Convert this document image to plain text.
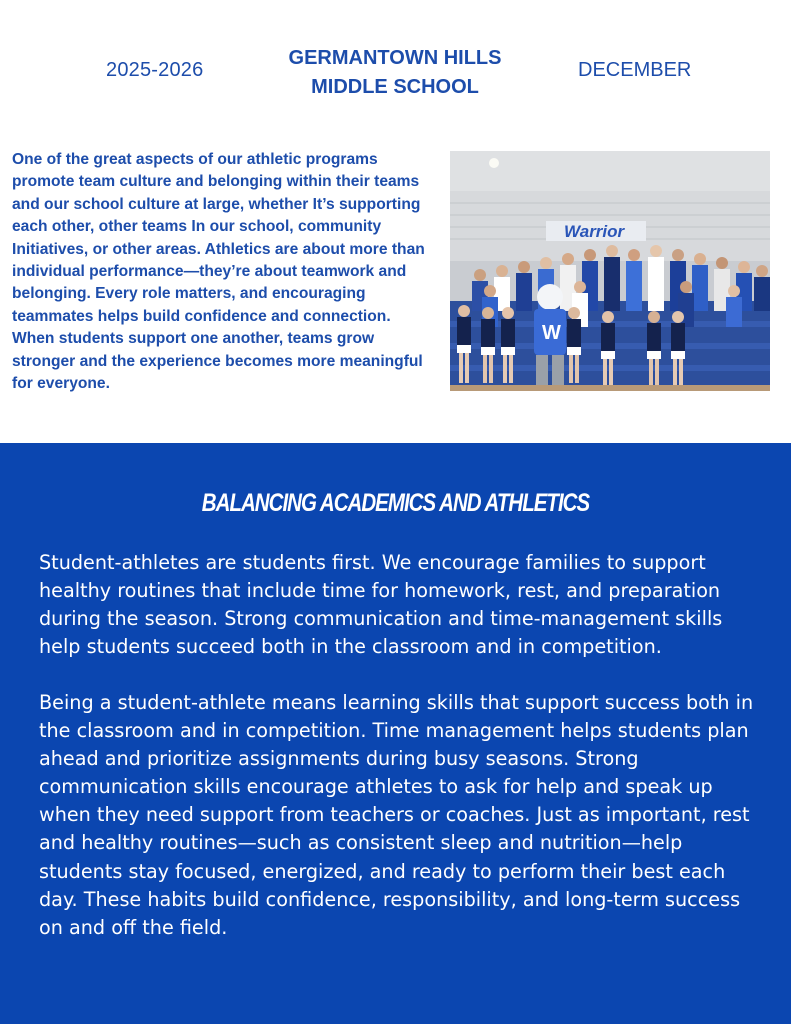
2025-2026
GERMANTOWN HILLS
MIDDLE SCHOOL
DECEMBER

One of the great aspects of our athletic programs promote team culture and belonging within their teams and our school culture at large, whether It’s supporting each other, other teams In our school, community Initiatives, or other areas. Athletics are about more than individual performance—they’re about teamwork and belonging. Every role matters, and encouraging teammates helps build confidence and connection. When students support one another, teams grow stronger and the experience becomes more meaningful for everyone.

Warrior
W
BALANCING ACADEMICS AND ATHLETICS

Student-athletes are students first. We encourage families to support healthy routines that include time for homework, rest, and preparation during the season. Strong communication and time-management skills help students succeed both in the classroom and in competition.

Being a student-athlete means learning skills that support success both in the classroom and in competition. Time management helps students plan ahead and prioritize assignments during busy seasons. Strong communication skills encourage athletes to ask for help and speak up when they need support from teachers or coaches. Just as important, rest and healthy routines—such as consistent sleep and nutrition—help students stay focused, energized, and ready to perform their best each day. These habits build confidence, responsibility, and long-term success on and off the field.
